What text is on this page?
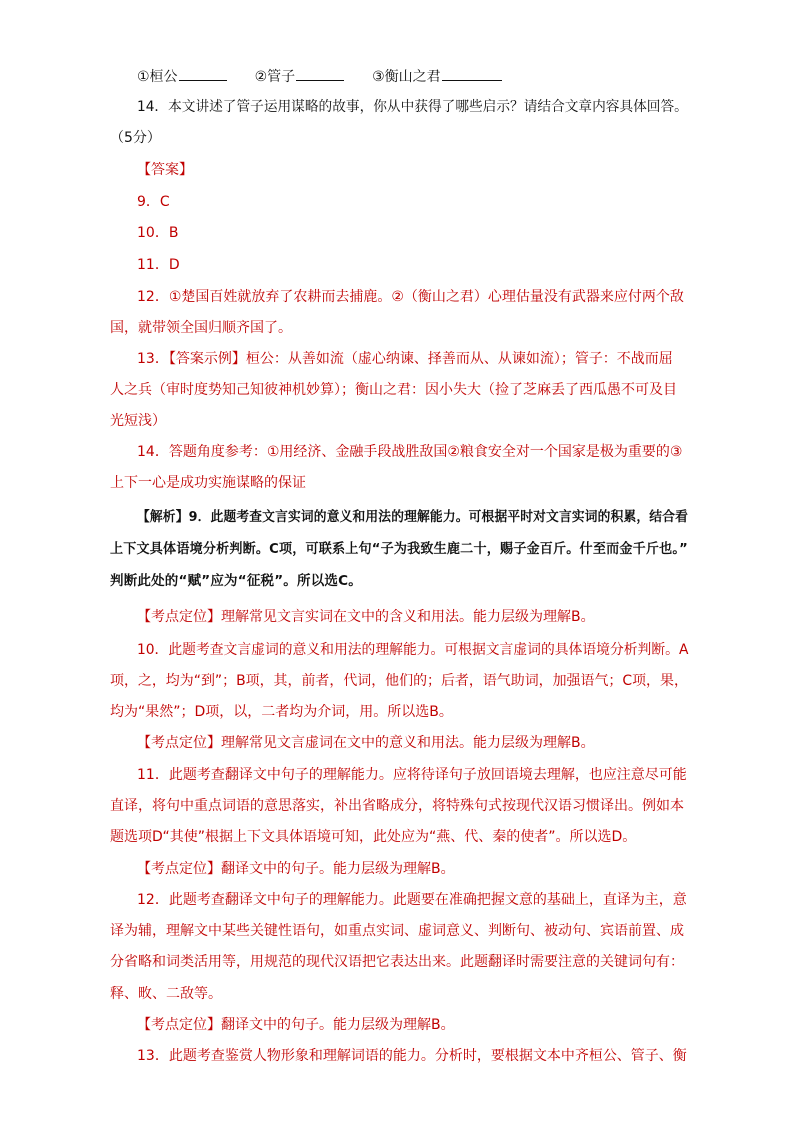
①桓公	②管子	③衡山之君
14．本文讲述了管子运用谋略的故事，你从中获得了哪些启示？请结合文章内容具体回答。
（5分）
【答案】
9．C
10．B
11．D
12．①楚国百姓就放弃了农耕而去捕鹿。②（衡山之君）心理估量没有武器来应付两个敌
国，就带领全国归顺齐国了。
13．【答案示例】桓公：从善如流（虚心纳谏、择善而从、从谏如流）；管子：不战而屈
人之兵（审时度势知己知彼神机妙算）；衡山之君：因小失大（捡了芝麻丢了西瓜愚不可及目
光短浅）
14．答题角度参考：①用经济、金融手段战胜敌国②粮食安全对一个国家是极为重要的③
上下一心是成功实施谋略的保证
【解析】9．此题考查文言实词的意义和用法的理解能力。可根据平时对文言实词的积累，结合看
上下文具体语境分析判断。C项，可联系上句“子为我致生鹿二十，赐子金百斤。什至而金千斤也。”
判断此处的“赋”应为“征税”。所以选C。
【考点定位】理解常见文言实词在文中的含义和用法。能力层级为理解B。
10．此题考查文言虚词的意义和用法的理解能力。可根据文言虚词的具体语境分析判断。A
项，之，均为“到”；B项，其，前者，代词，他们的；后者，语气助词，加强语气；C项，果，
均为“果然”；D项，以，二者均为介词，用。所以选B。
【考点定位】理解常见文言虚词在文中的意义和用法。能力层级为理解B。
11．此题考查翻译文中句子的理解能力。应将待译句子放回语境去理解，也应注意尽可能
直译，将句中重点词语的意思落实，补出省略成分，将特殊句式按现代汉语习惯译出。例如本
题选项D“其使”根据上下文具体语境可知，此处应为“燕、代、秦的使者”。所以选D。
【考点定位】翻译文中的句子。能力层级为理解B。
12．此题考查翻译文中句子的理解能力。此题要在准确把握文意的基础上，直译为主，意
译为辅，理解文中某些关键性语句，如重点实词、虚词意义、判断句、被动句、宾语前置、成
分省略和词类活用等，用规范的现代汉语把它表达出来。此题翻译时需要注意的关键词句有：
释、畋、二敌等。
【考点定位】翻译文中的句子。能力层级为理解B。
13．此题考查鉴赏人物形象和理解词语的能力。分析时，要根据文本中齐桓公、管子、衡
